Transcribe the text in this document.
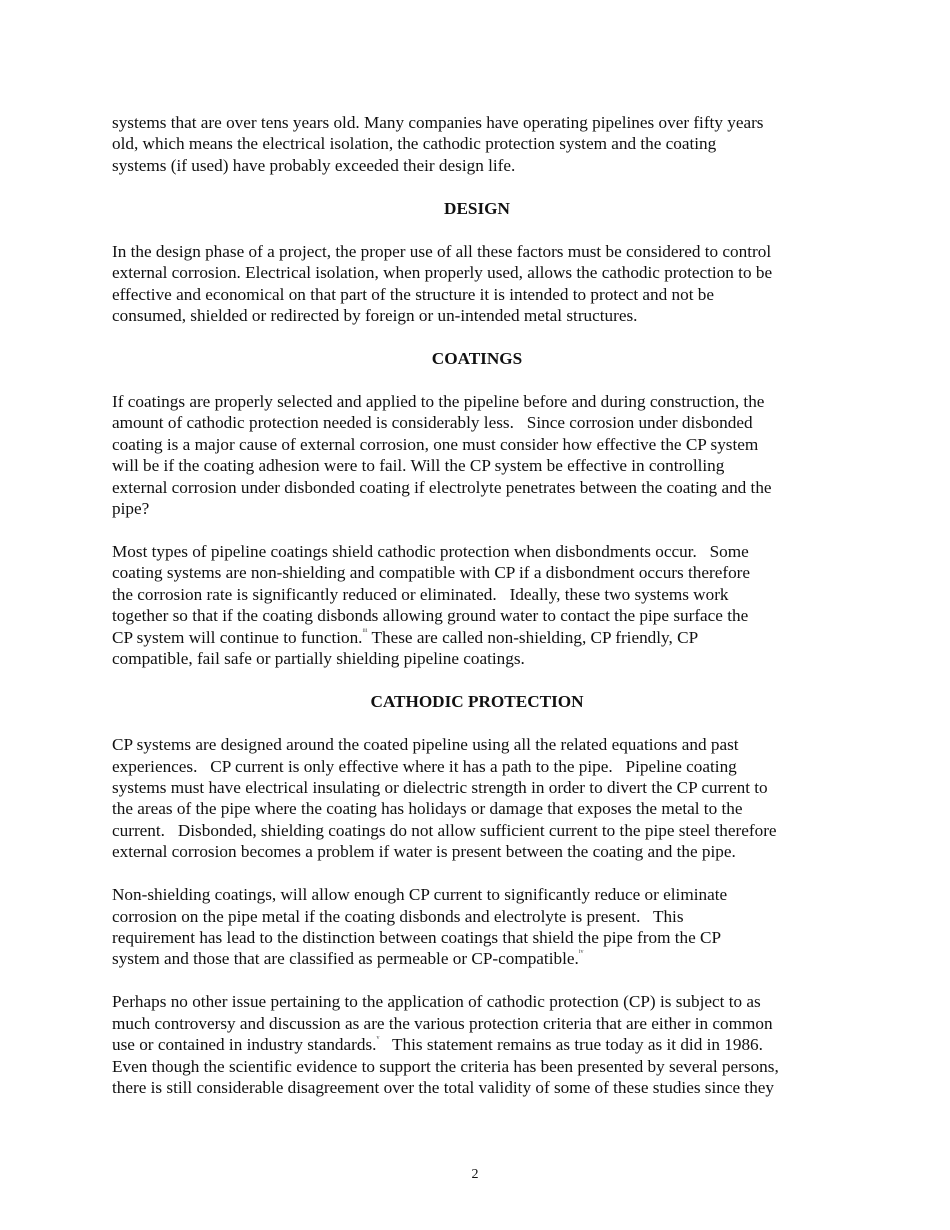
systems that are over tens years old. Many companies have operating pipelines over fifty years
old, which means the electrical isolation, the cathodic protection system and the coating
systems (if used) have probably exceeded their design life.

DESIGN

In the design phase of a project, the proper use of all these factors must be considered to control
external corrosion. Electrical isolation, when properly used, allows the cathodic protection to be
effective and economical on that part of the structure it is intended to protect and not be
consumed, shielded or redirected by foreign or un-intended metal structures.

COATINGS

If coatings are properly selected and applied to the pipeline before and during construction, the
amount of cathodic protection needed is considerably less.   Since corrosion under disbonded
coating is a major cause of external corrosion, one must consider how effective the CP system
will be if the coating adhesion were to fail. Will the CP system be effective in controlling
external corrosion under disbonded coating if electrolyte penetrates between the coating and the
pipe?

Most types of pipeline coatings shield cathodic protection when disbondments occur.   Some
coating systems are non-shielding and compatible with CP if a disbondment occurs therefore
the corrosion rate is significantly reduced or eliminated.   Ideally, these two systems work
together so that if the coating disbonds allowing ground water to contact the pipe surface the
CP system will continue to function.$^{iii}$ These are called non-shielding, CP friendly, CP
compatible, fail safe or partially shielding pipeline coatings.

CATHODIC PROTECTION

CP systems are designed around the coated pipeline using all the related equations and past
experiences.   CP current is only effective where it has a path to the pipe.   Pipeline coating
systems must have electrical insulating or dielectric strength in order to divert the CP current to
the areas of the pipe where the coating has holidays or damage that exposes the metal to the
current.   Disbonded, shielding coatings do not allow sufficient current to the pipe steel therefore
external corrosion becomes a problem if water is present between the coating and the pipe.

Non-shielding coatings, will allow enough CP current to significantly reduce or eliminate
corrosion on the pipe metal if the coating disbonds and electrolyte is present.   This
requirement has lead to the distinction between coatings that shield the pipe from the CP
system and those that are classified as permeable or CP-compatible.$^{iv}$

Perhaps no other issue pertaining to the application of cathodic protection (CP) is subject to as
much controversy and discussion as are the various protection criteria that are either in common
use or contained in industry standards.$^v$   This statement remains as true today as it did in 1986.
Even though the scientific evidence to support the criteria has been presented by several persons,
there is still considerable disagreement over the total validity of some of these studies since they

2
